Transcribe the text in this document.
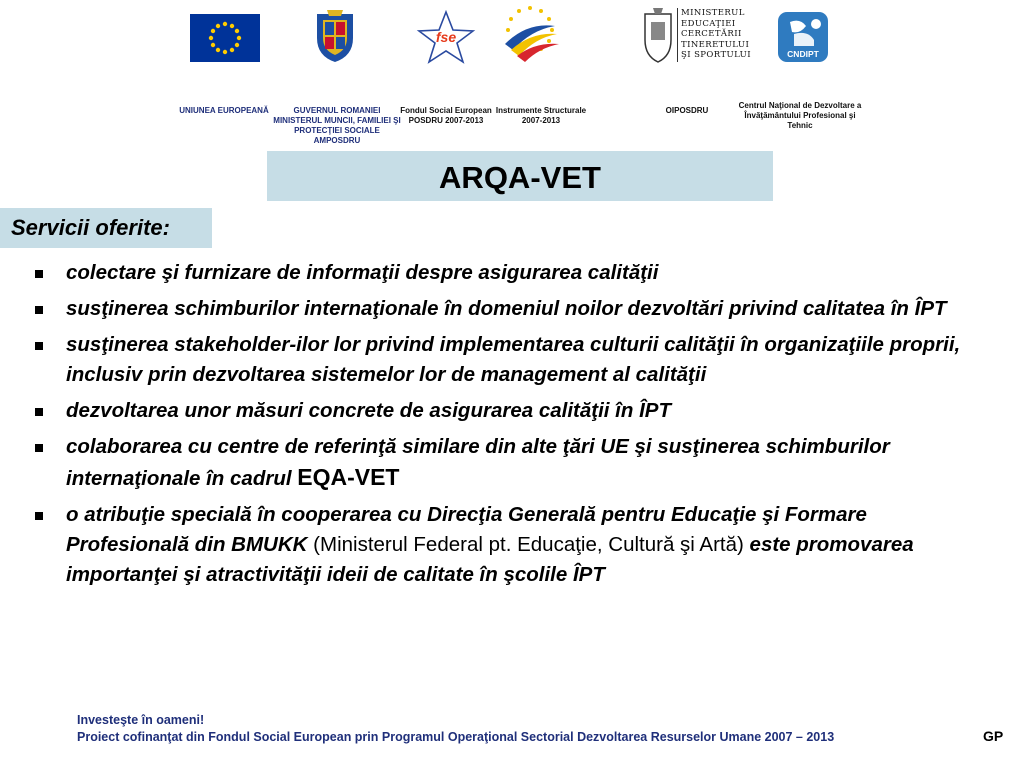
fse
MINISTERUL
EDUCAŢIEI
CERCETĂRII
TINERETULUI
ŞI SPORTULUI	CNDIPT
UNIUNEA EUROPEANĂ	GUVERNUL ROMANIEI MINISTERUL MUNCII, FAMILIEI ŞI PROTECŢIEI SOCIALE AMPOSDRU
Fondul Social European POSDRU 2007-2013
Instrumente Structurale 2007-2013
OIPOSDRU
Centrul Naţional de Dezvoltare a Învăţământului Profesional şi Tehnic
ARQA-VET
Servicii oferite:
colectare şi furnizare de informaţii despre asigurarea calităţii
susţinerea schimburilor internaţionale în domeniul noilor dezvoltări privind calitatea în ÎPT
susţinerea stakeholder-ilor lor privind implementarea culturii calităţii în organizaţiile proprii, inclusiv prin dezvoltarea sistemelor lor de management al calităţii
dezvoltarea unor măsuri concrete de asigurarea calităţii în ÎPT
colaborarea cu centre de referinţă similare din alte ţări UE şi susţinerea schimburilor internaţionale în cadrul EQA-VET
o atribuţie specială în cooperarea cu Direcţia Generală pentru Educaţie şi Formare Profesională din BMUKK (Ministerul Federal pt. Educaţie, Cultură şi Artă) este promovarea importanţei şi atractivităţii ideii de calitate în şcolile ÎPT
Investeşte în oameni!
Proiect cofinanţat din Fondul Social European prin Programul Operaţional Sectorial Dezvoltarea Resurselor Umane 2007 – 2013	GP
